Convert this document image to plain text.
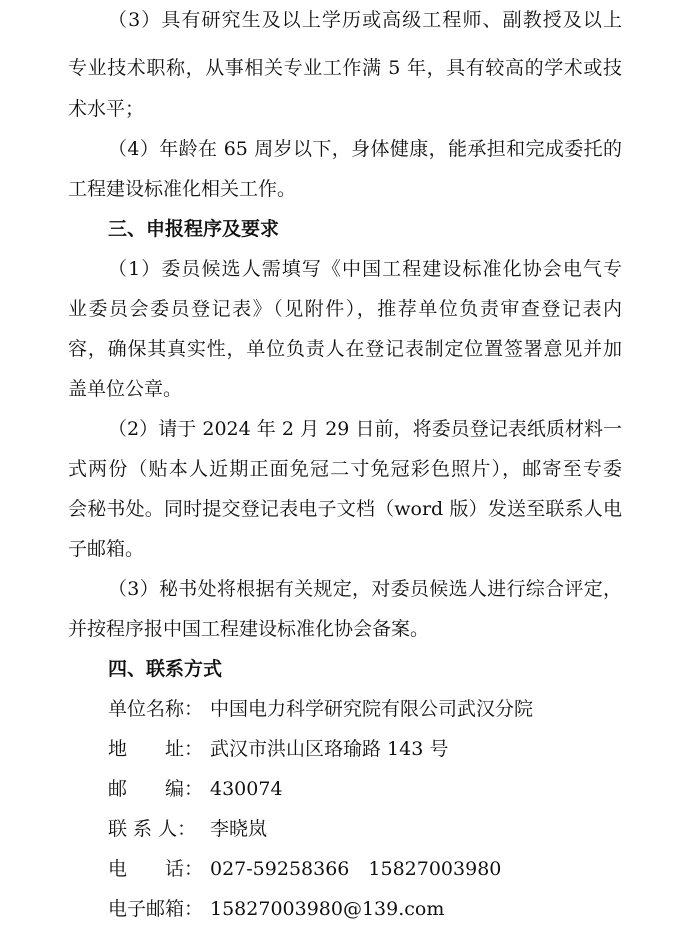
（3）具有研究生及以上学历或高级工程师、副教授及以上
专业技术职称，从事相关专业工作满 5 年，具有较高的学术或技
术水平；
（4）年龄在 65 周岁以下，身体健康，能承担和完成委托的
工程建设标准化相关工作。
三、申报程序及要求
（1）委员候选人需填写《中国工程建设标准化协会电气专
业委员会委员登记表》（见附件），推荐单位负责审查登记表内
容，确保其真实性，单位负责人在登记表制定位置签署意见并加
盖单位公章。
（2）请于 2024 年 2 月 29 日前，将委员登记表纸质材料一
式两份（贴本人近期正面免冠二寸免冠彩色照片），邮寄至专委
会秘书处。同时提交登记表电子文档（word 版）发送至联系人电
子邮箱。
（3）秘书处将根据有关规定，对委员候选人进行综合评定，
并按程序报中国工程建设标准化协会备案。
四、联系方式
单位名称： 中国电力科学研究院有限公司武汉分院
地　　址： 武汉市洪山区珞瑜路 143 号
邮　　编： 430074
联 系 人： 李晓岚
电　　话： 027-59258366　15827003980
电子邮箱： 15827003980@139.com
